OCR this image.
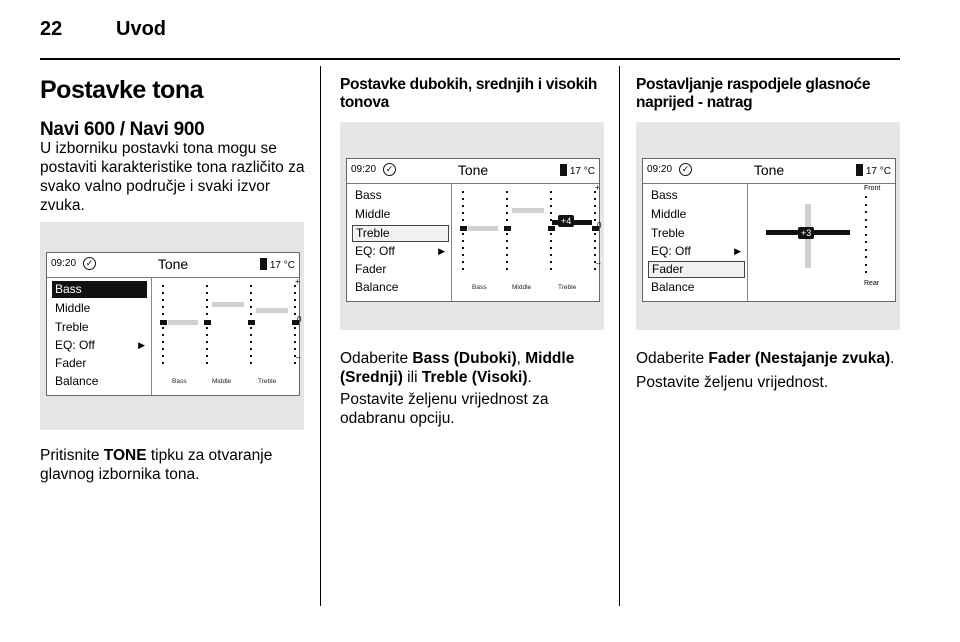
22	Uvod
Postavke tona
Navi 600 / Navi 900
U izborniku postavki tona mogu se postaviti karakteristike tona različito za svako valno područje i svaki izvor zvuka.
09:20	✓	Tone	17 °C
Bass
Middle
Treble
EQ: Off	▶
Fader
Balance
+
0
–
Bass	Middle	Treble
Pritisnite TONE tipku za otvaranje glavnog izbornika tona.
Postavke dubokih, srednjih i visokih tonova
09:20	✓	Tone	17 °C
Bass
Middle
Treble
EQ: Off	▶
Fader
Balance
+4
+
0
–
Bass	Middle	Treble
Odaberite Bass (Duboki), Middle (Srednji) ili Treble (Visoki).
Postavite željenu vrijednost za odabranu opciju.
Postavljanje raspodjele glasnoće naprijed - natrag
09:20	✓	Tone	17 °C
Bass
Middle
Treble
EQ: Off	▶
Fader
Balance
+3
Front
Rear
Odaberite Fader (Nestajanje zvuka).
Postavite željenu vrijednost.
